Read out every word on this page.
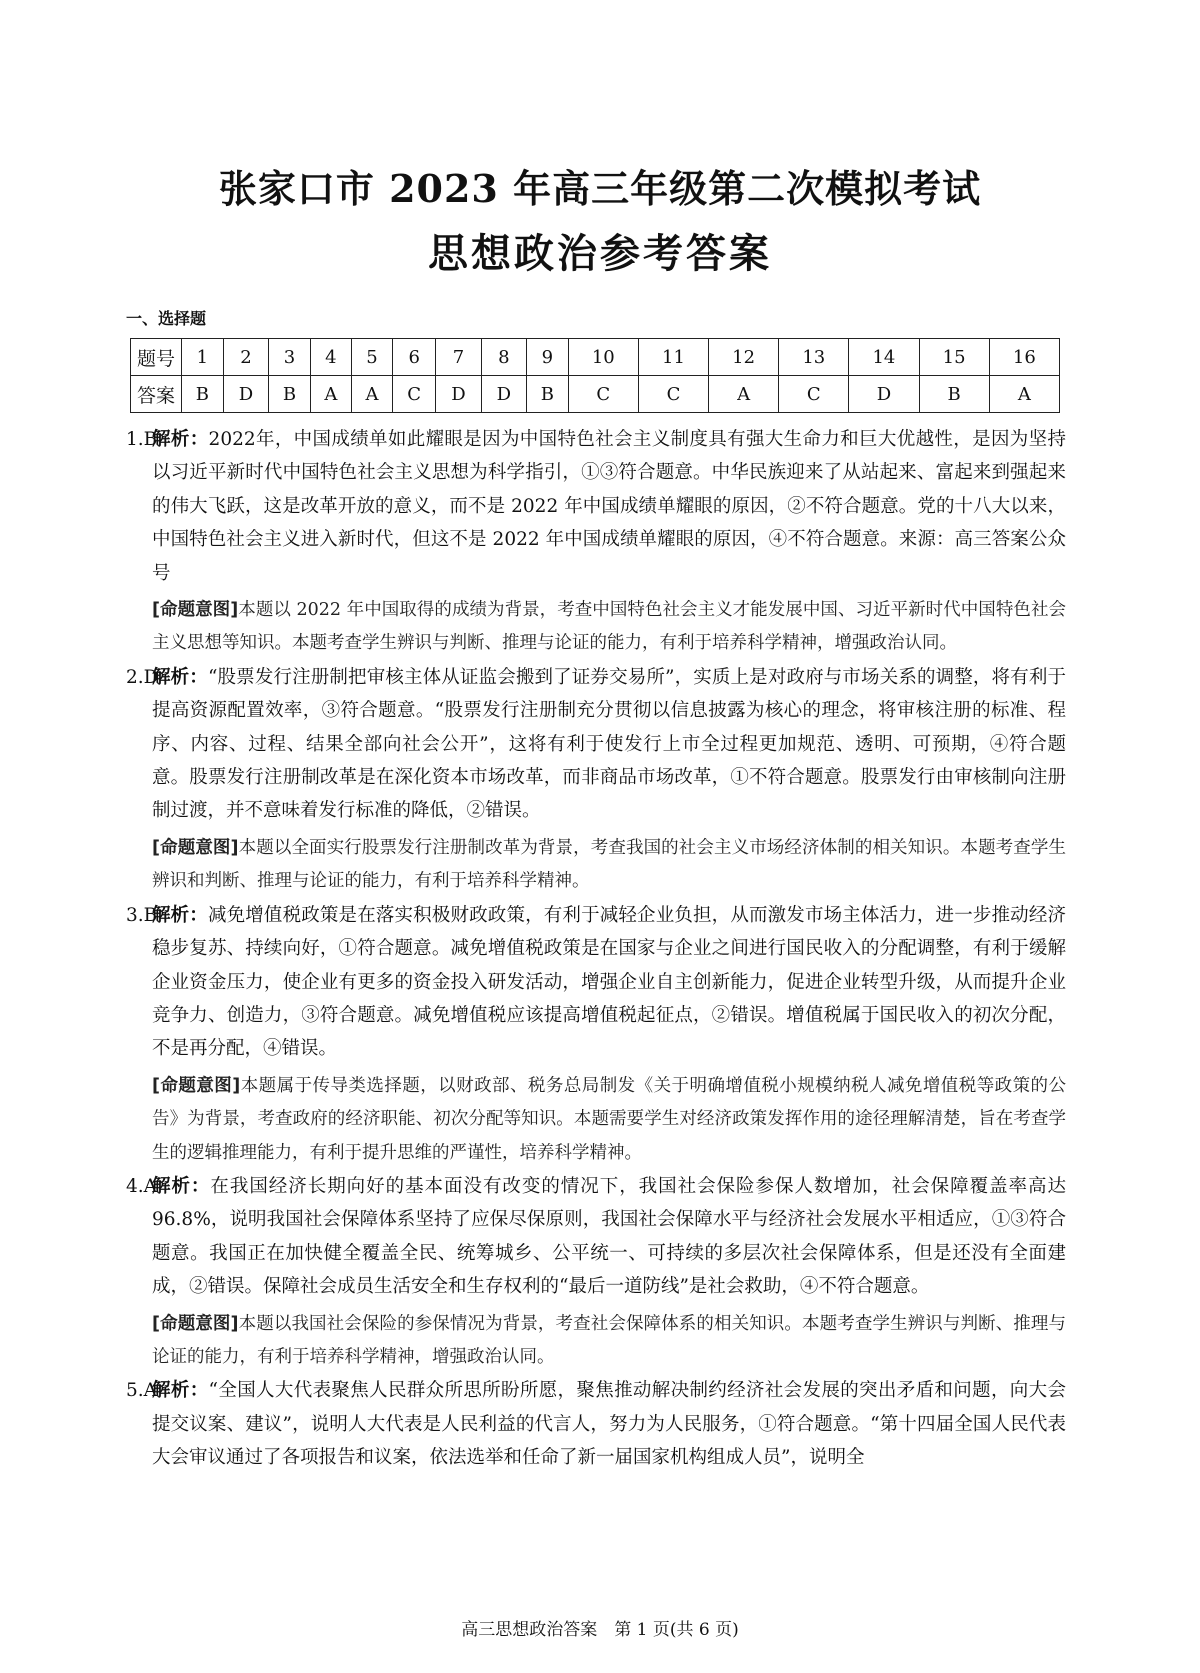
张家口市 2023 年高三年级第二次模拟考试
思想政治参考答案
一、选择题
题号	1	2	3	4	5	6	7	8	9	10	11	12	13	14	15	16
答案	B	D	B	A	A	C	D	D	B	C	C	A	C	D	B	A
1.B
解析：2022年，中国成绩单如此耀眼是因为中国特色社会主义制度具有强大生命力和巨大优越性，是因为坚持以习近平新时代中国特色社会主义思想为科学指引，①③符合题意。中华民族迎来了从站起来、富起来到强起来的伟大飞跃，这是改革开放的意义，而不是 2022 年中国成绩单耀眼的原因，②不符合题意。党的十八大以来，中国特色社会主义进入新时代，但这不是 2022 年中国成绩单耀眼的原因，④不符合题意。来源：高三答案公众号
[命题意图]本题以 2022 年中国取得的成绩为背景，考查中国特色社会主义才能发展中国、习近平新时代中国特色社会主义思想等知识。本题考查学生辨识与判断、推理与论证的能力，有利于培养科学精神，增强政治认同。
2.D
解析：“股票发行注册制把审核主体从证监会搬到了证券交易所”，实质上是对政府与市场关系的调整，将有利于提高资源配置效率，③符合题意。“股票发行注册制充分贯彻以信息披露为核心的理念，将审核注册的标准、程序、内容、过程、结果全部向社会公开”，这将有利于使发行上市全过程更加规范、透明、可预期，④符合题意。股票发行注册制改革是在深化资本市场改革，而非商品市场改革，①不符合题意。股票发行由审核制向注册制过渡，并不意味着发行标准的降低，②错误。
[命题意图]本题以全面实行股票发行注册制改革为背景，考查我国的社会主义市场经济体制的相关知识。本题考查学生辨识和判断、推理与论证的能力，有利于培养科学精神。
3.B
解析：减免增值税政策是在落实积极财政政策，有利于减轻企业负担，从而激发市场主体活力，进一步推动经济稳步复苏、持续向好，①符合题意。减免增值税政策是在国家与企业之间进行国民收入的分配调整，有利于缓解企业资金压力，使企业有更多的资金投入研发活动，增强企业自主创新能力，促进企业转型升级，从而提升企业竞争力、创造力，③符合题意。减免增值税应该提高增值税起征点，②错误。增值税属于国民收入的初次分配，不是再分配，④错误。
[命题意图]本题属于传导类选择题，以财政部、税务总局制发《关于明确增值税小规模纳税人减免增值税等政策的公告》为背景，考查政府的经济职能、初次分配等知识。本题需要学生对经济政策发挥作用的途径理解清楚，旨在考查学生的逻辑推理能力，有利于提升思维的严谨性，培养科学精神。
4.A
解析：在我国经济长期向好的基本面没有改变的情况下，我国社会保险参保人数增加，社会保障覆盖率高达 96.8%，说明我国社会保障体系坚持了应保尽保原则，我国社会保障水平与经济社会发展水平相适应，①③符合题意。我国正在加快健全覆盖全民、统筹城乡、公平统一、可持续的多层次社会保障体系，但是还没有全面建成，②错误。保障社会成员生活安全和生存权利的“最后一道防线”是社会救助，④不符合题意。
[命题意图]本题以我国社会保险的参保情况为背景，考查社会保障体系的相关知识。本题考查学生辨识与判断、推理与论证的能力，有利于培养科学精神，增强政治认同。
5.A
解析：“全国人大代表聚焦人民群众所思所盼所愿，聚焦推动解决制约经济社会发展的突出矛盾和问题，向大会提交议案、建议”，说明人大代表是人民利益的代言人，努力为人民服务，①符合题意。“第十四届全国人民代表大会审议通过了各项报告和议案，依法选举和任命了新一届国家机构组成人员”，说明全
高三思想政治答案　第 1 页(共 6 页)
